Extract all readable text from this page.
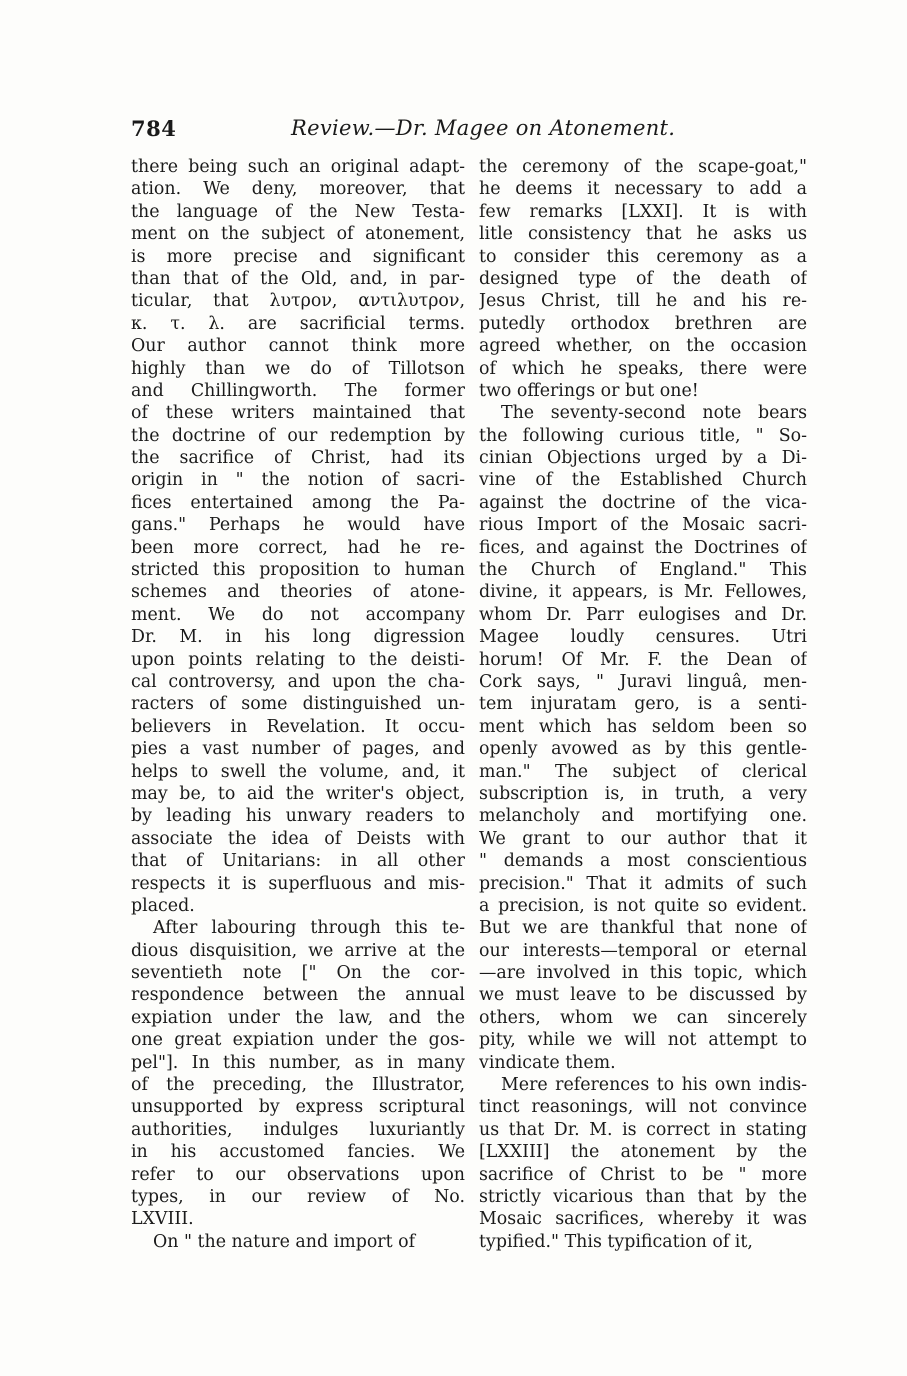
784	Review.—Dr. Magee on Atonement.
there being such an original adapt-
ation. We deny, moreover, that
the language of the New Testa-
ment on the subject of atonement,
is more precise and significant
than that of the Old, and, in par-
ticular, that λυτρον, αντιλυτρον,
κ. τ. λ. are sacrificial terms.
Our author cannot think more
highly than we do of Tillotson
and Chillingworth. The former
of these writers maintained that
the doctrine of our redemption by
the sacrifice of Christ, had its
origin in " the notion of sacri-
fices entertained among the Pa-
gans." Perhaps he would have
been more correct, had he re-
stricted this proposition to human
schemes and theories of atone-
ment. We do not accompany
Dr. M. in his long digression
upon points relating to the deisti-
cal controversy, and upon the cha-
racters of some distinguished un-
believers in Revelation. It occu-
pies a vast number of pages, and
helps to swell the volume, and, it
may be, to aid the writer's object,
by leading his unwary readers to
associate the idea of Deists with
that of Unitarians: in all other
respects it is superfluous and mis-
placed.
After labouring through this te-
dious disquisition, we arrive at the
seventieth note [" On the cor-
respondence between the annual
expiation under the law, and the
one great expiation under the gos-
pel"]. In this number, as in many
of the preceding, the Illustrator,
unsupported by express scriptural
authorities, indulges luxuriantly
in his accustomed fancies. We
refer to our observations upon
types, in our review of No.
LXVIII.
On " the nature and import of
the ceremony of the scape-goat,"
he deems it necessary to add a
few remarks [LXXI]. It is with
litle consistency that he asks us
to consider this ceremony as a
designed type of the death of
Jesus Christ, till he and his re-
putedly orthodox brethren are
agreed whether, on the occasion
of which he speaks, there were
two offerings or but one!
The seventy-second note bears
the following curious title, " So-
cinian Objections urged by a Di-
vine of the Established Church
against the doctrine of the vica-
rious Import of the Mosaic sacri-
fices, and against the Doctrines of
the Church of England." This
divine, it appears, is Mr. Fellowes,
whom Dr. Parr eulogises and Dr.
Magee loudly censures. Utri
horum! Of Mr. F. the Dean of
Cork says, " Juravi linguâ, men-
tem injuratam gero, is a senti-
ment which has seldom been so
openly avowed as by this gentle-
man." The subject of clerical
subscription is, in truth, a very
melancholy and mortifying one.
We grant to our author that it
" demands a most conscientious
precision." That it admits of such
a precision, is not quite so evident.
But we are thankful that none of
our interests—temporal or eternal
—are involved in this topic, which
we must leave to be discussed by
others, whom we can sincerely
pity, while we will not attempt to
vindicate them.
Mere references to his own indis-
tinct reasonings, will not convince
us that Dr. M. is correct in stating
[LXXIII] the atonement by the
sacrifice of Christ to be " more
strictly vicarious than that by the
Mosaic sacrifices, whereby it was
typified." This typification of it,
